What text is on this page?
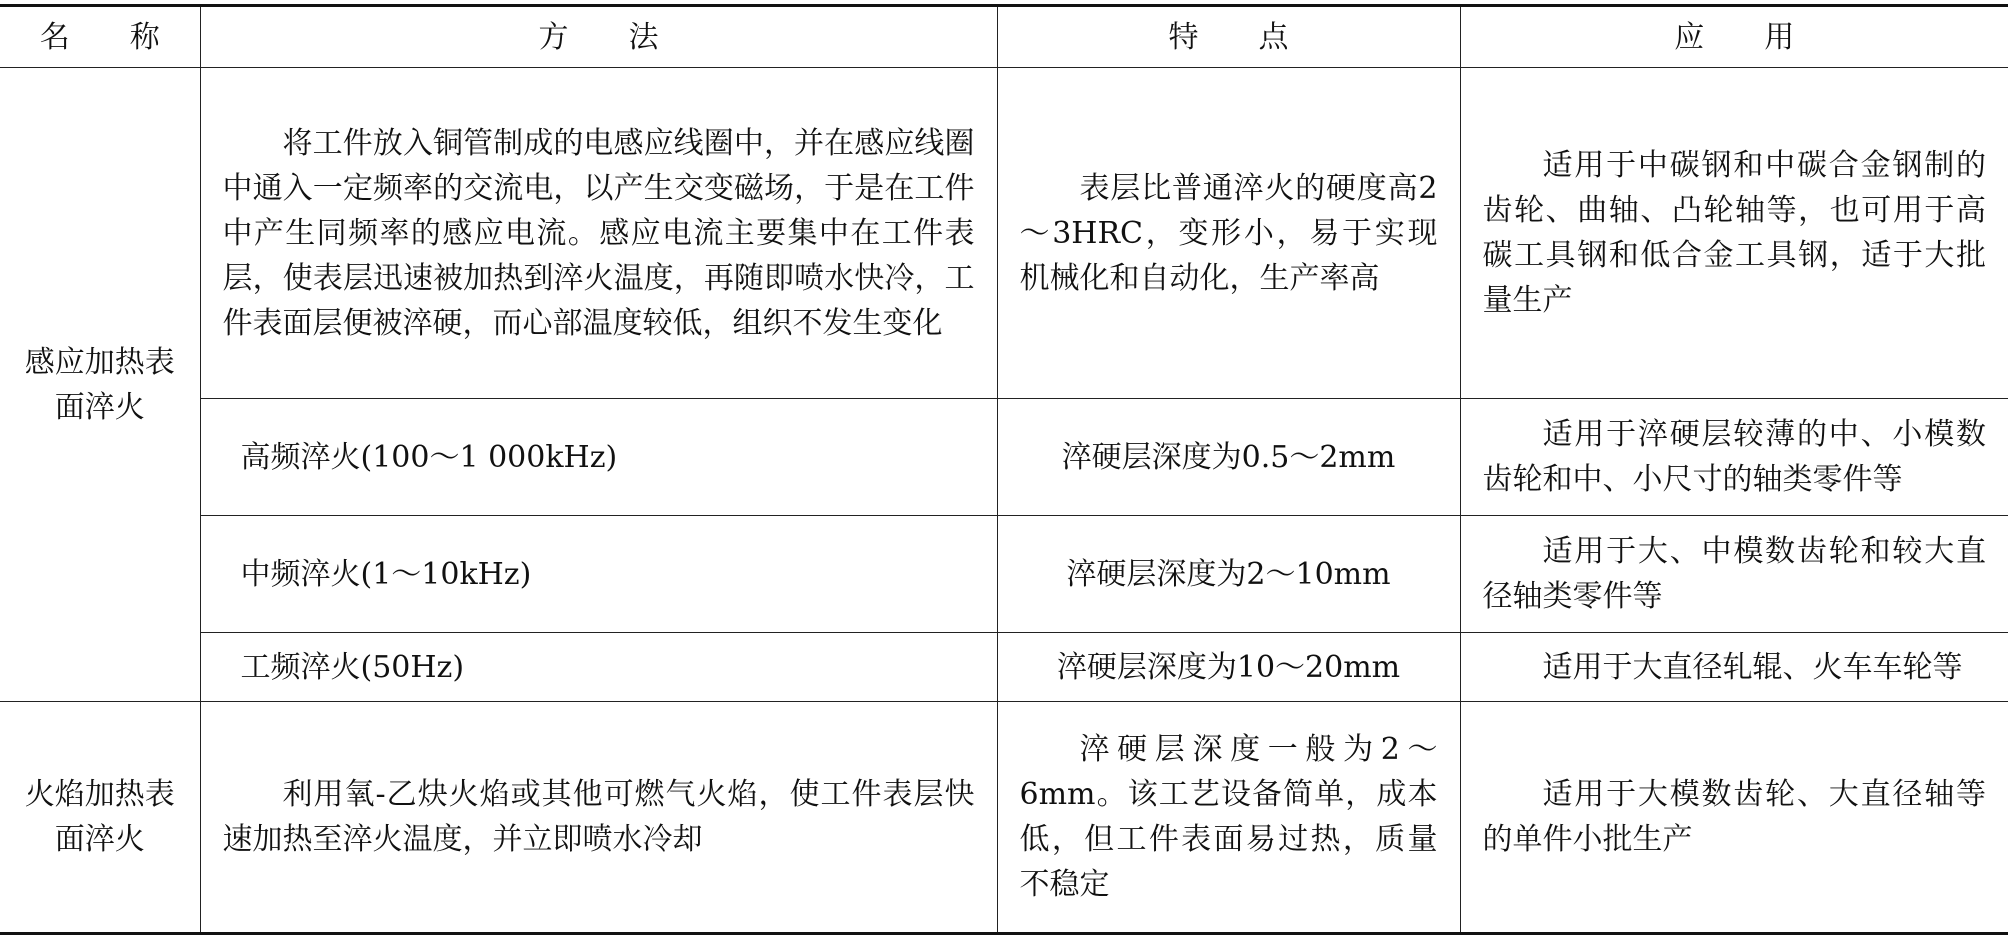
名　　称	方　　法	特　　点	应　　用
感应加热表面淬火	将工件放入铜管制成的电感应线圈中，并在感应线圈中通入一定频率的交流电，以产生交变磁场，于是在工件中产生同频率的感应电流。感应电流主要集中在工件表层，使表层迅速被加热到淬火温度，再随即喷水快冷，工件表面层便被淬硬，而心部温度较低，组织不发生变化	表层比普通淬火的硬度高2～3HRC，变形小，易于实现机械化和自动化，生产率高	适用于中碳钢和中碳合金钢制的齿轮、曲轴、凸轮轴等，也可用于高碳工具钢和低合金工具钢，适于大批量生产
	高频淬火(100～1 000kHz)	淬硬层深度为0.5～2mm	适用于淬硬层较薄的中、小模数齿轮和中、小尺寸的轴类零件等
	中频淬火(1～10kHz)	淬硬层深度为2～10mm	适用于大、中模数齿轮和较大直径轴类零件等
	工频淬火(50Hz)	淬硬层深度为10～20mm	适用于大直径轧辊、火车车轮等
火焰加热表面淬火	利用氧-乙炔火焰或其他可燃气火焰，使工件表层快速加热至淬火温度，并立即喷水冷却	淬硬层深度一般为2～6mm。该工艺设备简单，成本低，但工件表面易过热，质量不稳定	适用于大模数齿轮、大直径轴等的单件小批生产
